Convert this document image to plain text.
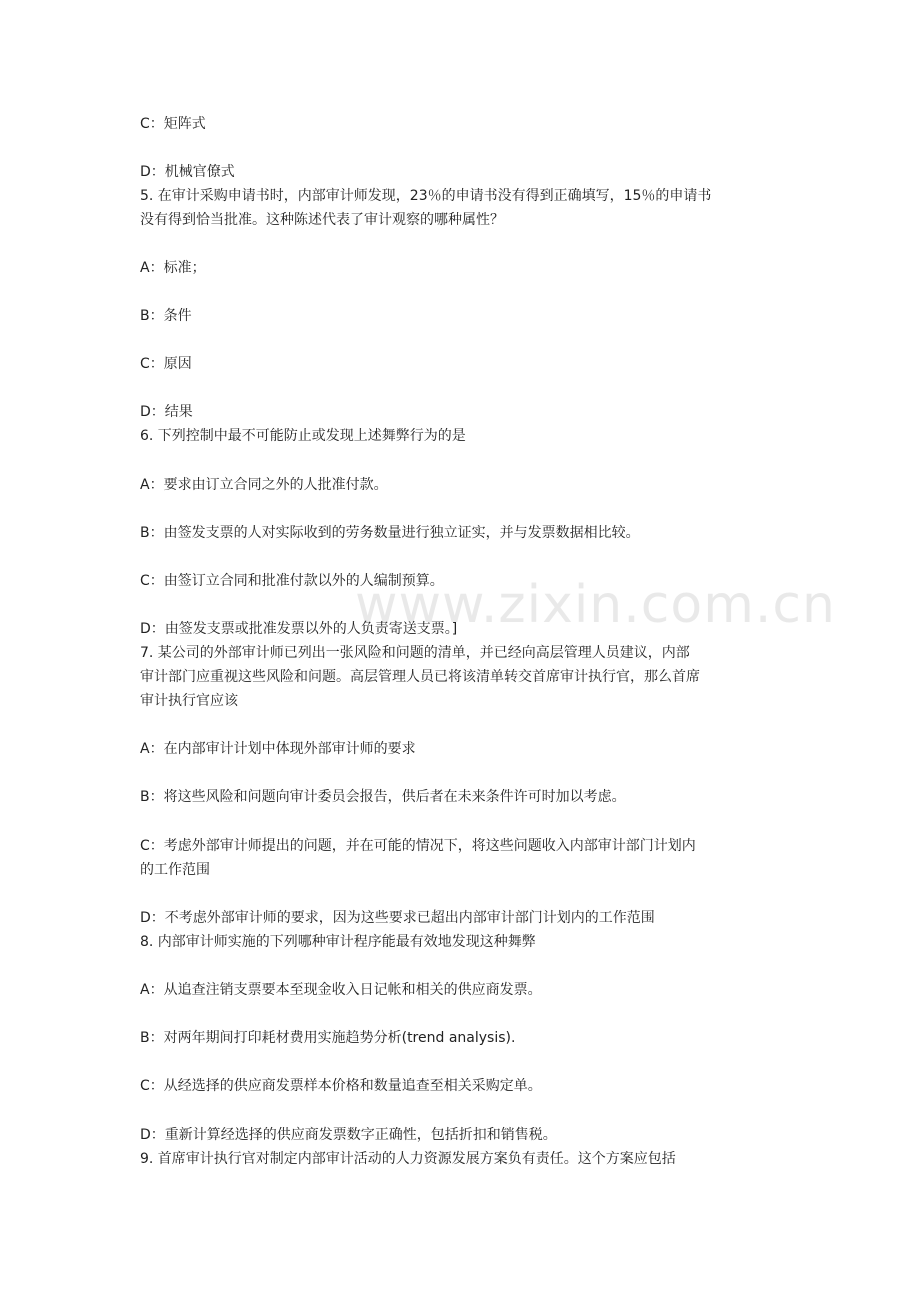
www.zixin.com.cn
C：矩阵式
D：机械官僚式
5. 在审计采购申请书时，内部审计师发现，23％的申请书没有得到正确填写，15％的申请书
没有得到恰当批准。这种陈述代表了审计观察的哪种属性？
A：标准；
B：条件
C：原因
D：结果
6. 下列控制中最不可能防止或发现上述舞弊行为的是
A：要求由订立合同之外的人批准付款。
B：由签发支票的人对实际收到的劳务数量进行独立证实，并与发票数据相比较。
C：由签订立合同和批准付款以外的人编制预算。
D：由签发支票或批准发票以外的人负责寄送支票。]
7. 某公司的外部审计师已列出一张风险和问题的清单，并已经向高层管理人员建议，内部
审计部门应重视这些风险和问题。高层管理人员已将该清单转交首席审计执行官，那么首席
审计执行官应该
A：在内部审计计划中体现外部审计师的要求
B：将这些风险和问题向审计委员会报告，供后者在未来条件许可时加以考虑。
C：考虑外部审计师提出的问题，并在可能的情况下，将这些问题收入内部审计部门计划内
的工作范围
D：不考虑外部审计师的要求，因为这些要求已超出内部审计部门计划内的工作范围
8. 内部审计师实施的下列哪种审计程序能最有效地发现这种舞弊
A：从追查注销支票要本至现金收入日记帐和相关的供应商发票。
B：对两年期间打印耗材费用实施趋势分析(trend analysis).
C：从经选择的供应商发票样本价格和数量追查至相关采购定单。
D：重新计算经选择的供应商发票数字正确性，包括折扣和销售税。
9. 首席审计执行官对制定内部审计活动的人力资源发展方案负有责任。这个方案应包括
